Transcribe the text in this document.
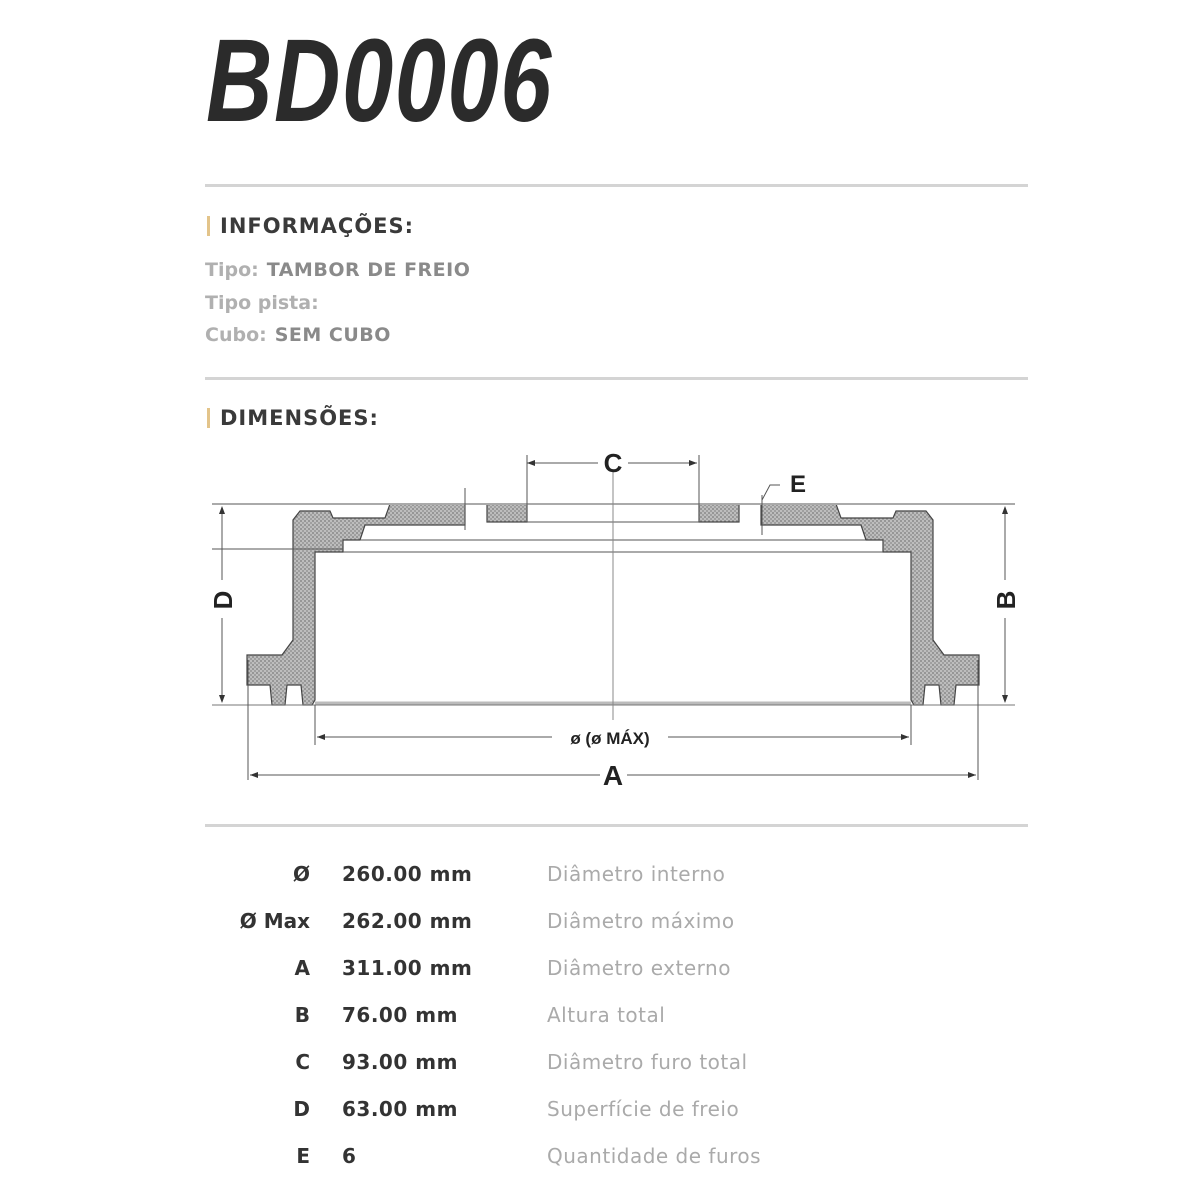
BD0006
INFORMAÇÕES:
Tipo: TAMBOR DE FREIO
Tipo pista:
Cubo: SEM CUBO
DIMENSÕES:
C
E
D	B
ø (ø MÁX)
A
Ø 260.00 mm	Diâmetro interno
Ø Max 262.00 mm	Diâmetro máximo
A 311.00 mm	Diâmetro externo
B 76.00 mm	Altura total
C 93.00 mm	Diâmetro furo total
D 63.00 mm	Superfície de freio
E 6	Quantidade de furos
